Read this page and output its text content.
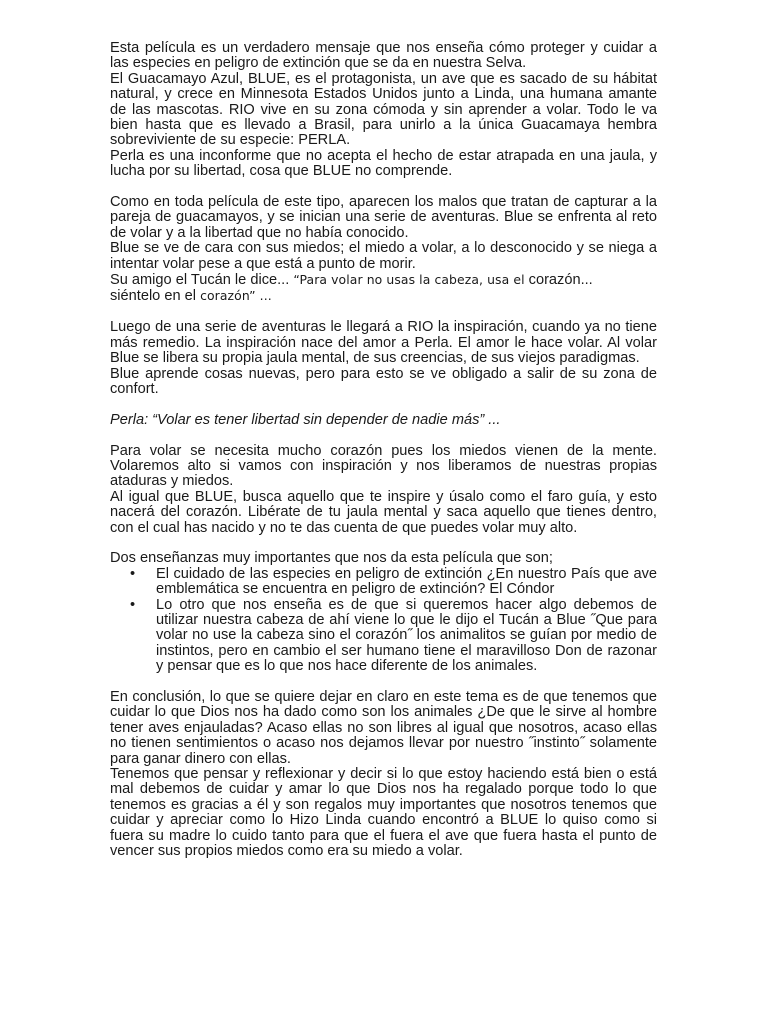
Esta película es un verdadero mensaje que nos enseña cómo proteger y cuidar a las especies en peligro de extinción que se da en nuestra Selva.

El Guacamayo Azul, BLUE, es el protagonista, un ave que es sacado de su hábitat natural, y crece en Minnesota Estados Unidos junto a Linda, una humana amante de las mascotas. RIO vive en su zona cómoda y sin aprender a volar. Todo le va bien hasta que es llevado a Brasil, para unirlo a la única Guacamaya hembra sobreviviente de su especie: PERLA.

Perla es una inconforme que no acepta el hecho de estar atrapada en una jaula, y lucha por su libertad, cosa que BLUE no comprende.

Como en toda película de este tipo, aparecen los malos que tratan de capturar a la pareja de guacamayos, y se inician una serie de aventuras. Blue se enfrenta al reto de volar y a la libertad que no había conocido.

Blue se ve de cara con sus miedos; el miedo a volar, a lo desconocido y se niega a intentar volar pese a que está a punto de morir.

Su amigo el Tucán le dice... “Para volar no usas la cabeza, usa el corazón...
siéntelo en el corazón” ...

Luego de una serie de aventuras le llegará a RIO la inspiración, cuando ya no tiene más remedio. La inspiración nace del amor a Perla. El amor le hace volar. Al volar Blue se libera su propia jaula mental, de sus creencias, de sus viejos paradigmas.

Blue aprende cosas nuevas, pero para esto se ve obligado a salir de su zona de confort.

Perla: “Volar es tener libertad sin depender de nadie más” ...

Para volar se necesita mucho corazón pues los miedos vienen de la mente. Volaremos alto si vamos con inspiración y nos liberamos de nuestras propias ataduras y miedos.

Al igual que BLUE, busca aquello que te inspire y úsalo como el faro guía, y esto nacerá del corazón. Libérate de tu jaula mental y saca aquello que tienes dentro, con el cual has nacido y no te das cuenta de que puedes volar muy alto.

Dos enseñanzas muy importantes que nos da esta película que son;

• El cuidado de las especies en peligro de extinción ¿En nuestro País que ave emblemática se encuentra en peligro de extinción? El Cóndor
• Lo otro que nos enseña es de que si queremos hacer algo debemos de utilizar nuestra cabeza de ahí viene lo que le dijo el Tucán a Blue ˝Que para volar no use la cabeza sino el corazón˝ los animalitos se guían por medio de instintos, pero en cambio el ser humano tiene el maravilloso Don de razonar y pensar que es lo que nos hace diferente de los animales.

En conclusión, lo que se quiere dejar en claro en este tema es de que tenemos que cuidar lo que Dios nos ha dado como son los animales ¿De que le sirve al hombre tener aves enjauladas? Acaso ellas no son libres al igual que nosotros, acaso ellas no tienen sentimientos o acaso nos dejamos llevar por nuestro ˝instinto˝ solamente para ganar dinero con ellas.

Tenemos que pensar y reflexionar y decir si lo que estoy haciendo está bien o está mal debemos de cuidar y amar lo que Dios nos ha regalado porque todo lo que tenemos es gracias a él y son regalos muy importantes que nosotros tenemos que cuidar y apreciar como lo Hizo Linda cuando encontró a BLUE lo quiso como si fuera su madre lo cuido tanto para que el fuera el ave que fuera hasta el punto de vencer sus propios miedos como era su miedo a volar.
